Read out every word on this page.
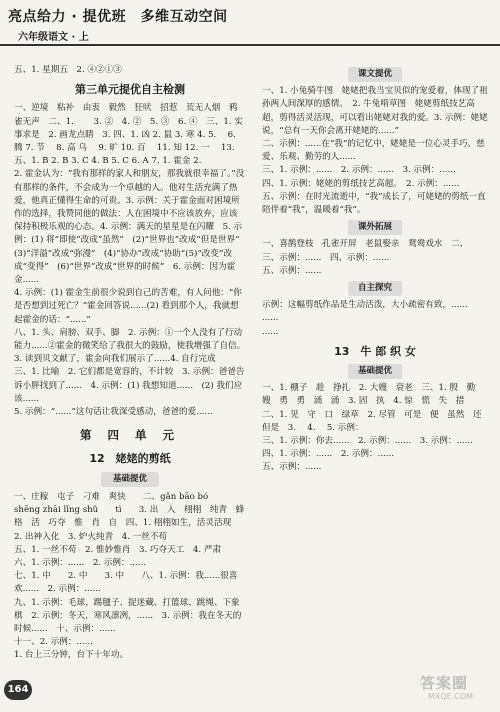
亮点给力 · 提优班　多维互动空间
六年级语文 · 上

五、1. 星期五　2. ④②①③

第三单元提优自主检测

一、逆境　粘补　由衷　毅然　狂吠　招惹　荒无人烟　鸦雀无声　二、1. 　　3. ②　4. ②　5. ③　6. ④　三、1. 实事求是　2. 画龙点睛　3. 四、1. 凶 2. 鼠 3. 寒 4. 5. 　6. 腾 7. 节 　8. 高 乌 　9. 旷 10. 百 　11. 知 12. 一 　13. 五、1. B 2. B 3. C 4. B 5. C 6. A 7. 1. 霍金 2.

2. 霍金认为：“我有那样的家人和朋友，那我就很幸福了。”没有那样的条件，不会成为一个卓越的人。他对生活充满了热爱，他真正懂得生命的可贵。3. 示例：关于霍金面对困境所作的选择，我赞同他的做法：人在困境中不应该放弃，应该保持积极乐观的心态。4. 示例：满天的星星是在闪耀　5. 示例：(1) 将“即使”改成“虽然”　(2)“世界也”改成“但是世界”　(3)“洋溢”改成“弥漫”　(4)“协办”改成“协助”(5)“改变”改成“变得”　(6)“世界”改成“世界的时候”　6. 示例：因为霍金......

4. 示例：(1) 霍金生前很少说到自己的苦难，有人问他：“你是否想到过死亡？”霍金回答说......(2) 看到那个人，我就想起霍金的话：“......”

八、1. 头、肩膀、双手、脚　2. 示例：①一个人没有了行动能力......②霍金的微笑给了我很大的鼓励，使我增强了自信。　3. 读到贝文献了，霍金向我们展示了......4. 自行完成

三、1. 比喻　2. 它们都是宽容的，不计较　3. 示例：爸爸告诉小胖找到了......　4. 示例：(1) 我想知道......　(2) 我们应该......

5. 示例：“......”这句话让我深受感动，爸爸的爱......

第 四 单 元
12　姥姥的剪纸
基础提优

一、庄稼　屯子　刁难　爽快　　二、gǎn bāo bó　　shēng zhāi lǐng shǔ　　tì　　3. 出　入　栩栩　纯青　蜂　格　活　巧夺　惟　肖　自　四、1. 栩栩如生，活灵活现　2. 出神入化　3. 炉火纯青　4. 一丝不苟

五、1. 一丝不苟　2. 惟妙惟肖　3. 巧夺天工　4. 严肃　六、1. 示例：......　2. 示例：......

七、1. 中　　2. 中　　3. 中　　八、1. 示例：我......很喜欢......　2. 示例：......

九、1. 示例：毛球、踢毽子、捉迷藏、打篮球、跳绳、下象棋　2. 示例：冬天，寒风凛冽，......　3. 示例：我在冬天的时候......　十、示例：......

十一、2. 示例：......

1. 台上三分钟，台下十年功。

课文提优

一、1. 小兔骑牛图　姥姥把我当宝贝似的宠爱着，体现了祖孙两人间深厚的感情。　2. 牛兔啃草图　姥姥剪纸技艺高超，剪得活灵活现，可以看出姥姥对我的爱。3. 示例：姥姥说，“总有一天你会离开姥姥的......”

二、示例：......在“我”的记忆中，姥姥是一位心灵手巧、慈爱、乐观、勤劳的人......

三、1. 示例：......　2. 示例：......　3. 示例：......

四、1. 示例：姥姥的剪纸技艺高超。　2. 示例：......

五、示例：在时光流逝中，“我”成长了，可姥姥的剪纸一直陪伴着“我”，温暖着“我”。

课外拓展

一、喜鹊登枝　孔雀开屏　老鼠娶亲　鸳鸯戏水　二、　三、示例：......　四、示例：......

五、示例：......

自主探究

示例：这幅剪纸作品是生动活泼，大小疏密有致，......

......

......

13　牛 郎 织 女
基础提优

一、1. 棚子　趁　挣扎　2. 大嫂　衰老　三、1. 殷　勤　嫂　勇　勇　涌　涌　3. 固　执　4. 惊　慌　失　措　二、1. 见　守　口　绿草　2. 尽管　可是　便　虽然　还　但是　3. 　4. 　5. 示例：

三、1. 示例：你去......　2. 示例：......　3. 示例：......

四、1. 示例：......　2. 示例：......

五、示例：......

164	答案圈
MXQE.COM
